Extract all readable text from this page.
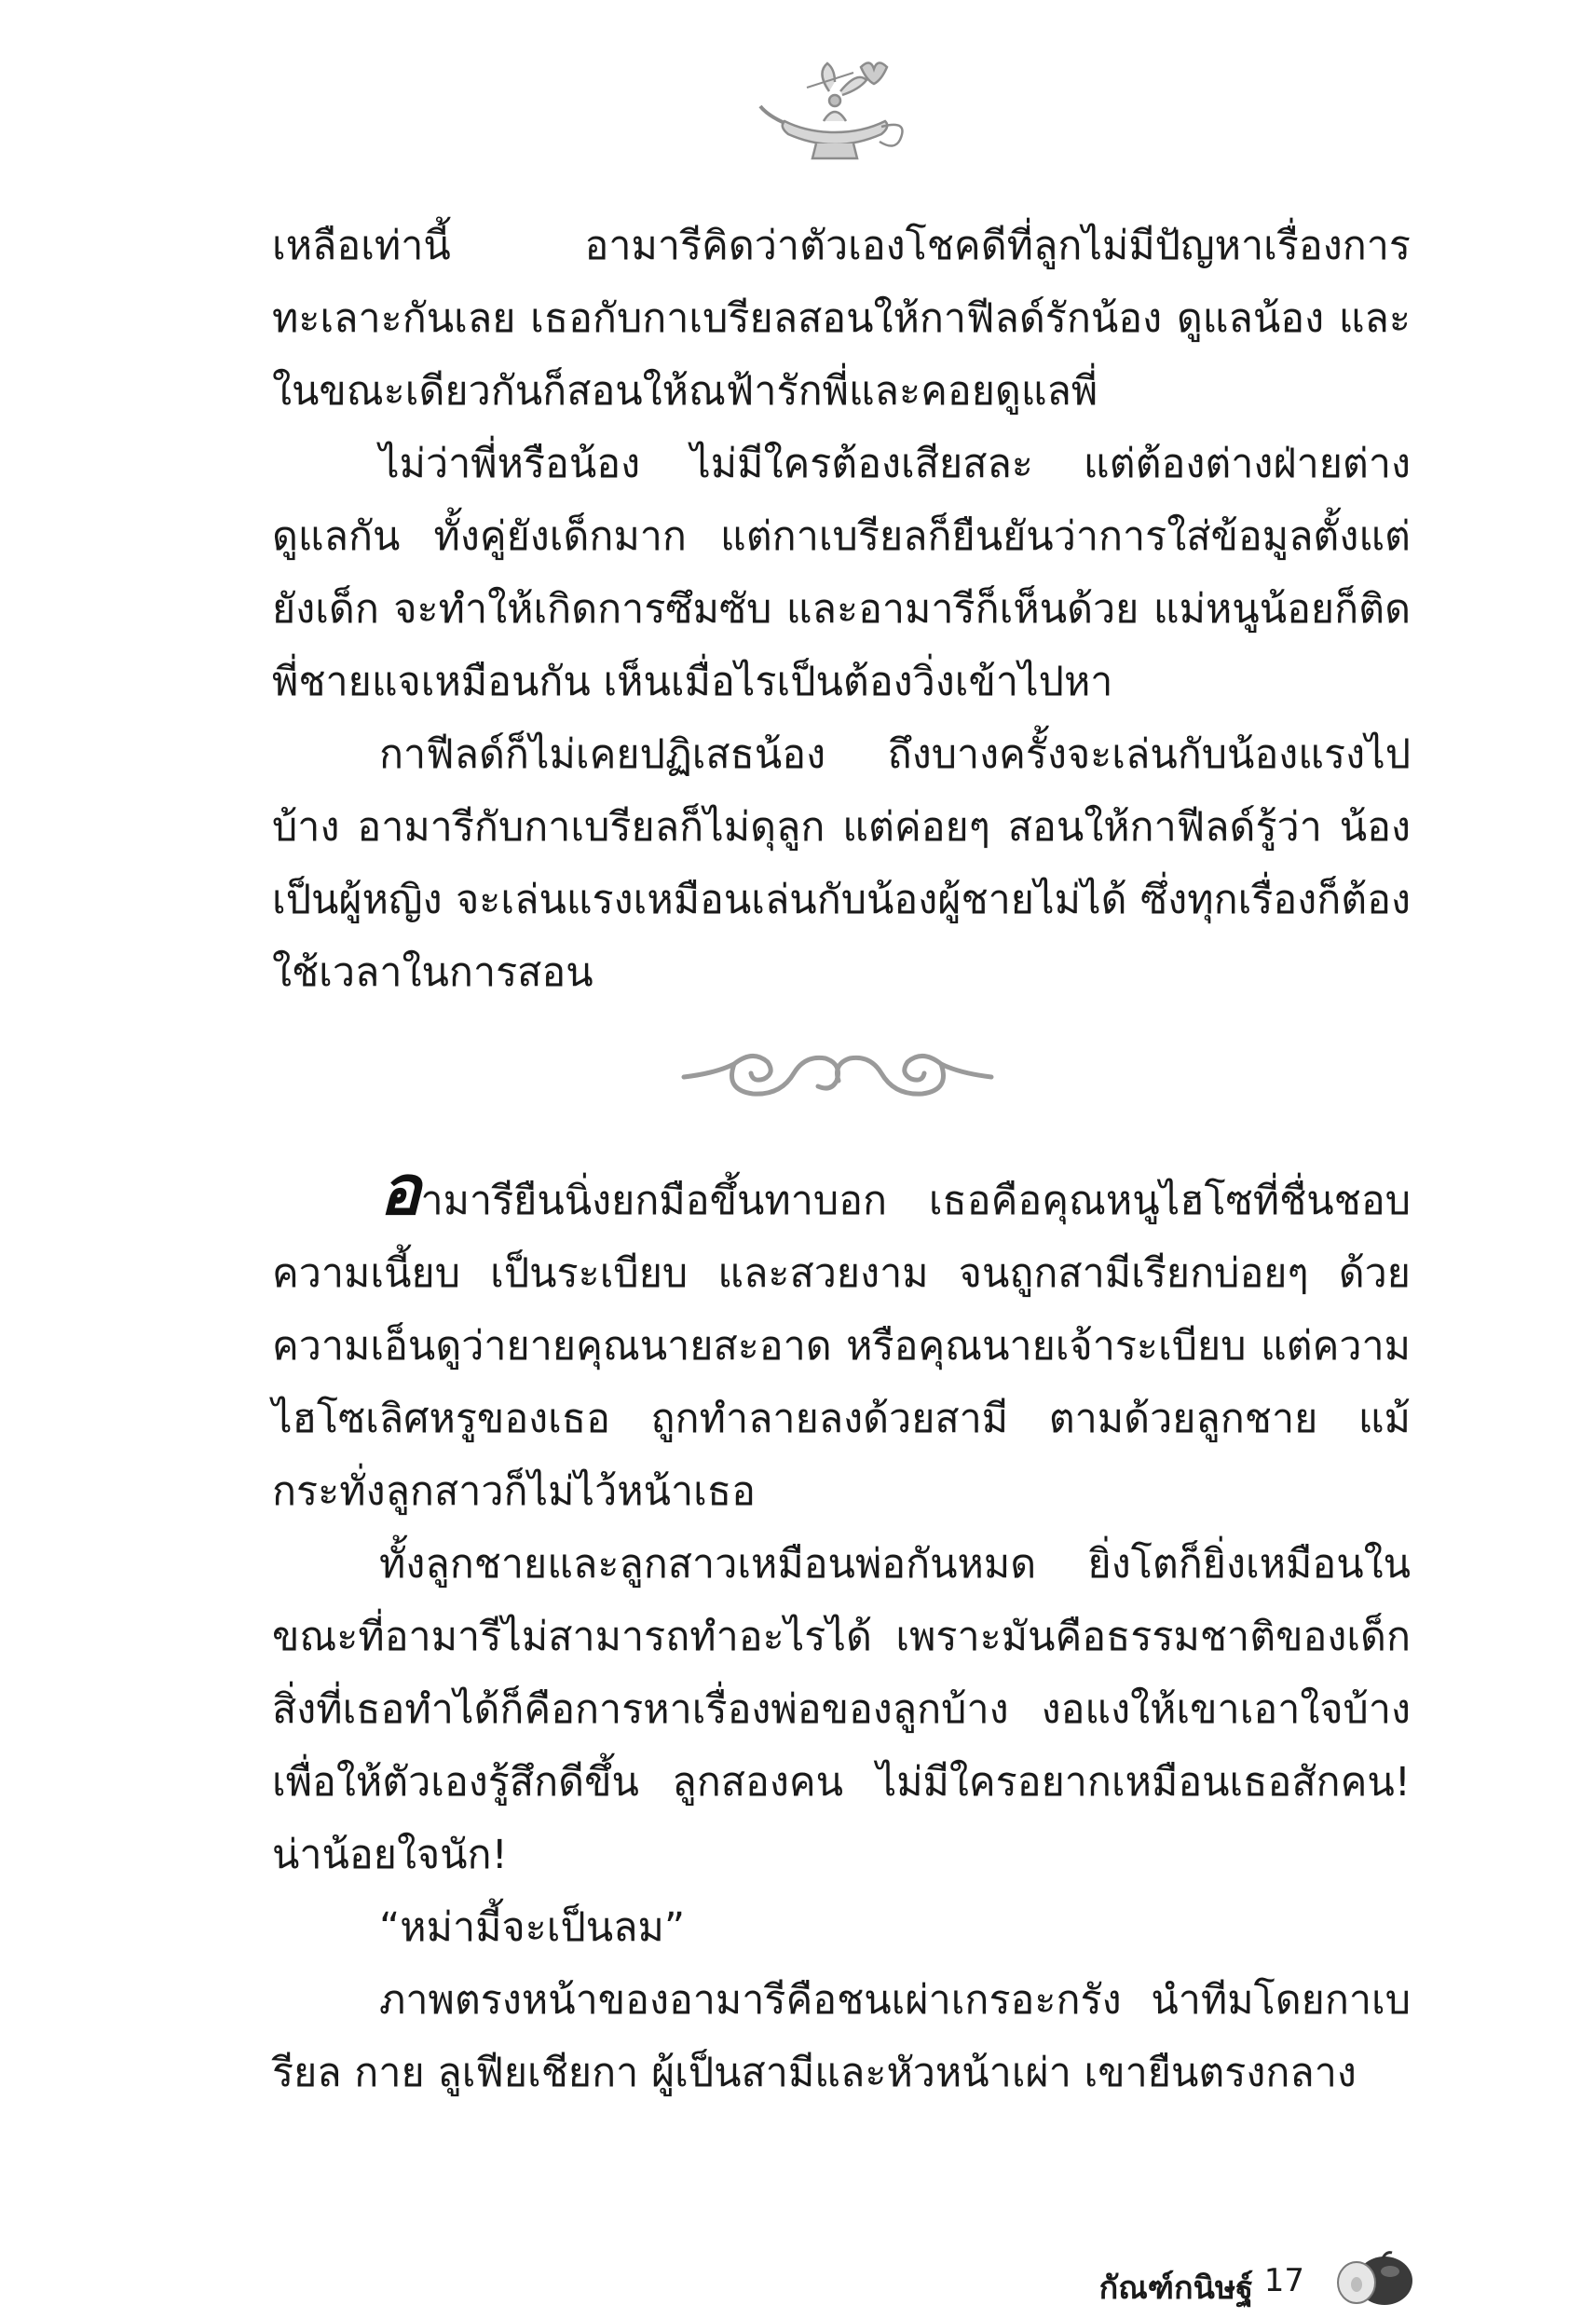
เหลือเท่านี้ อามารีคิดว่าตัวเองโชคดีที่ลูกไม่มีปัญหาเรื่องการทะเลาะกันเลย เธอกับกาเบรียลสอนให้กาฟีลด์รักน้อง ดูแลน้อง และในขณะเดียวกันก็สอนให้ณฟ้ารักพี่และคอยดูแลพี่

ไม่ว่าพี่หรือน้อง ไม่มีใครต้องเสียสละ แต่ต้องต่างฝ่ายต่างดูแลกัน ทั้งคู่ยังเด็กมาก แต่กาเบรียลก็ยืนยันว่าการใส่ข้อมูลตั้งแต่ยังเด็ก จะทำให้เกิดการซึมซับ และอามารีก็เห็นด้วย แม่หนูน้อยก็ติดพี่ชายแจเหมือนกัน เห็นเมื่อไรเป็นต้องวิ่งเข้าไปหา

กาฟีลด์ก็ไม่เคยปฏิเสธน้อง ถึงบางครั้งจะเล่นกับน้องแรงไปบ้าง อามารีกับกาเบรียลก็ไม่ดุลูก แต่ค่อยๆ สอนให้กาฟีลด์รู้ว่า น้องเป็นผู้หญิง จะเล่นแรงเหมือนเล่นกับน้องผู้ชายไม่ได้ ซึ่งทุกเรื่องก็ต้องใช้เวลาในการสอน

อามารียืนนิ่งยกมือขึ้นทาบอก เธอคือคุณหนูไฮโซที่ชื่นชอบความเนี้ยบ เป็นระเบียบ และสวยงาม จนถูกสามีเรียกบ่อยๆ ด้วยความเอ็นดูว่ายายคุณนายสะอาด หรือคุณนายเจ้าระเบียบ แต่ความไฮโซเลิศหรูของเธอ ถูกทำลายลงด้วยสามี ตามด้วยลูกชาย แม้กระทั่งลูกสาวก็ไม่ไว้หน้าเธอ

ทั้งลูกชายและลูกสาวเหมือนพ่อกันหมด ยิ่งโตก็ยิ่งเหมือนในขณะที่อามารีไม่สามารถทำอะไรได้ เพราะมันคือธรรมชาติของเด็ก สิ่งที่เธอทำได้ก็คือการหาเรื่องพ่อของลูกบ้าง งอแงให้เขาเอาใจบ้าง เพื่อให้ตัวเองรู้สึกดีขึ้น ลูกสองคน ไม่มีใครอยากเหมือนเธอสักคน! น่าน้อยใจนัก!

“หม่ามี้จะเป็นลม”

ภาพตรงหน้าของอามารีคือชนเผ่าเกรอะกรัง นำทีมโดยกาเบรียล กาย ลูเฟียเชียกา ผู้เป็นสามีและหัวหน้าเผ่า เขายืนตรงกลาง

กัณฑ์กนิษฐ์ 17
